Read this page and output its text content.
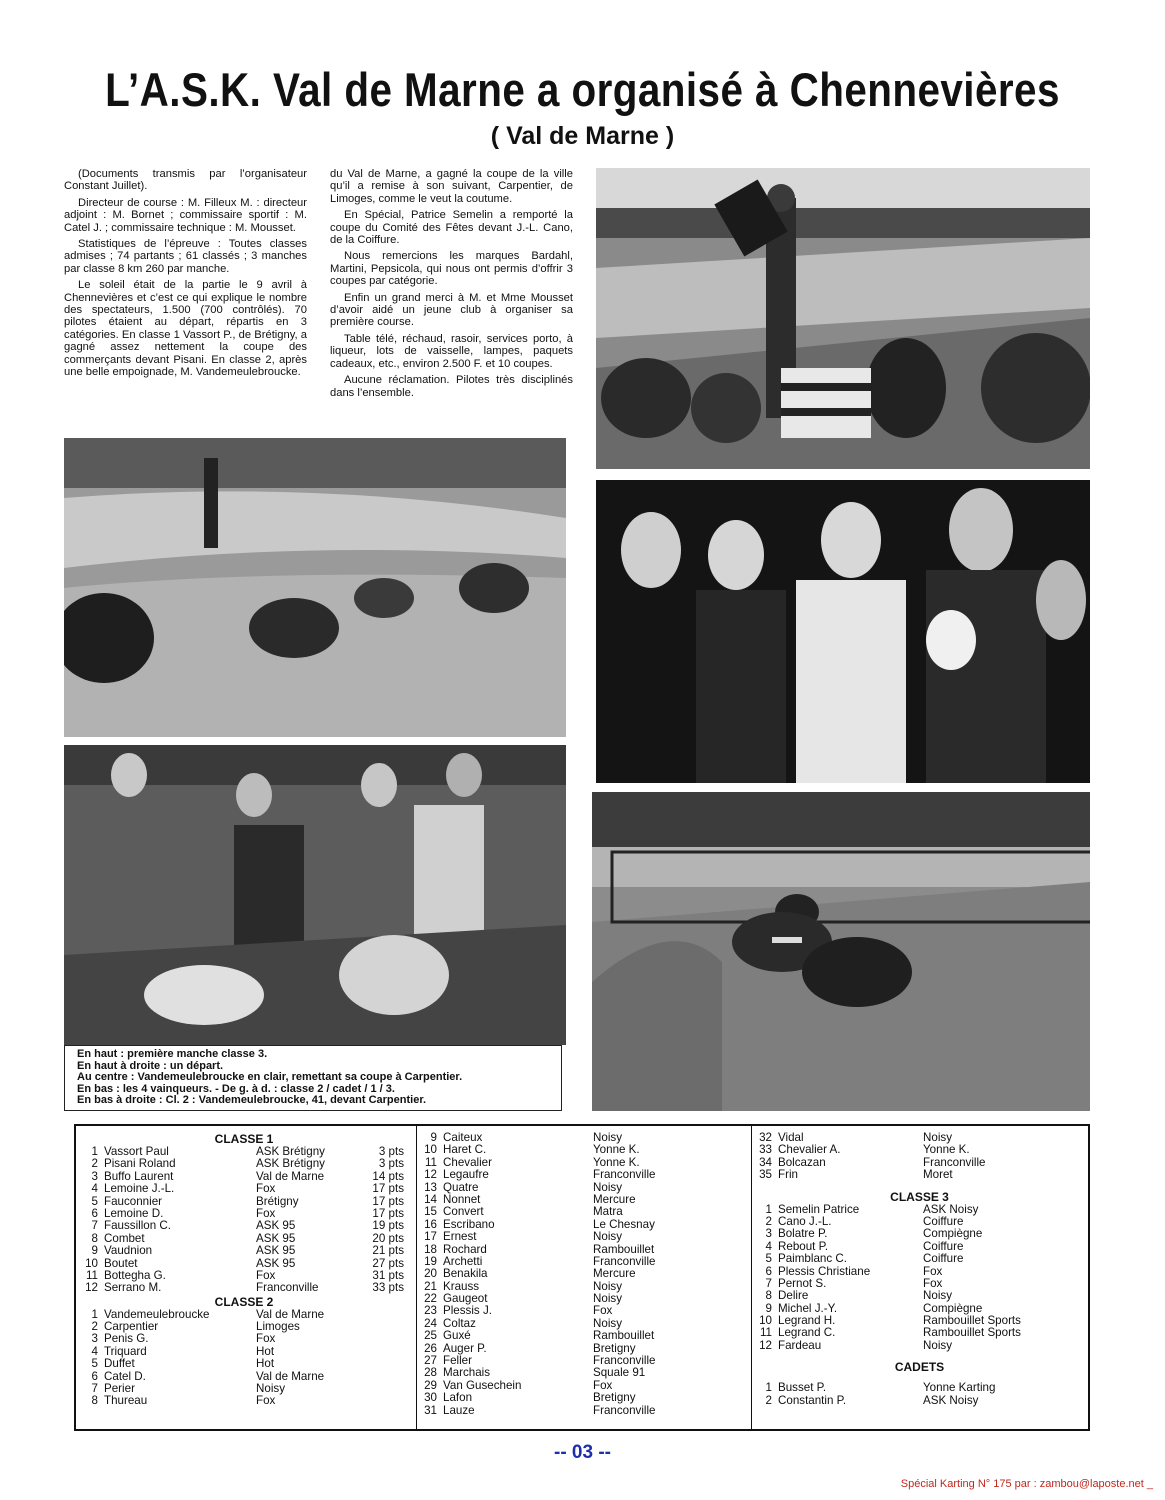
L’A.S.K. Val de Marne a organisé à Chennevières
( Val de Marne )

(Documents transmis par l’organisateur Constant Juillet).

Directeur de course : M. Filleux M. : directeur adjoint : M. Bornet ; commissaire sportif : M. Catel J. ; commissaire technique : M. Mousset.

Statistiques de l’épreuve : Toutes classes admises ; 74 partants ; 61 classés ; 3 manches par classe 8 km 260 par manche.

Le soleil était de la partie le 9 avril à Chennevières et c’est ce qui explique le nombre des spectateurs, 1.500 (700 contrôlés). 70 pilotes étaient au départ, répartis en 3 catégories. En classe 1 Vassort P., de Brétigny, a gagné assez nettement la coupe des commerçants devant Pisani. En classe 2, après une belle empoignade, M. Vandemeulebroucke.

du Val de Marne, a gagné la coupe de la ville qu’il a remise à son suivant, Carpentier, de Limoges, comme le veut la coutume.

En Spécial, Patrice Semelin a remporté la coupe du Comité des Fêtes devant J.-L. Cano, de la Coiffure.

Nous remercions les marques Bardahl, Martini, Pepsicola, qui nous ont permis d’offrir 3 coupes par catégorie.

Enfin un grand merci à M. et Mme Mousset d’avoir aidé un jeune club à organiser sa première course.

Table télé, réchaud, rasoir, services porto, à liqueur, lots de vaisselle, lampes, paquets cadeaux, etc., environ 2.500 F. et 10 coupes.

Aucune réclamation. Pilotes très disciplinés dans l’ensemble.

En haut : première manche classe 3.
En haut à droite : un départ.
Au centre : Vandemeulebroucke en clair, remettant sa coupe à Carpentier.
En bas : les 4 vainqueurs. - De g. à d. : classe 2 / cadet / 1 / 3.
En bas à droite : Cl. 2 : Vandemeulebroucke, 41, devant Carpentier.
CLASSE 1
1 Vassort Paul	ASK Brétigny	3 pts
2 Pisani Roland	ASK Brétigny	3 pts
3 Buffo Laurent	Val de Marne	14 pts
4 Lemoine J.-L.	Fox	17 pts
5 Fauconnier	Brétigny	17 pts
6 Lemoine D.	Fox	17 pts
7 Faussillon C.	ASK 95	19 pts
8 Combet	ASK 95	20 pts
9 Vaudnion	ASK 95	21 pts
10 Boutet	ASK 95	27 pts
11 Bottegha G.	Fox	31 pts
12 Serrano M.	Franconville	33 pts
CLASSE 2
1 Vandemeulebroucke	Val de Marne
2 Carpentier	Limoges
3 Penis G.	Fox
4 Triquard	Hot
5 Duffet	Hot
6 Catel D.	Val de Marne
7 Perier	Noisy
8 Thureau	Fox
9 Caiteux	Noisy
10 Haret C.	Yonne K.
11 Chevalier	Yonne K.
12 Legaufre	Franconville
13 Quatre	Noisy
14 Nonnet	Mercure
15 Convert	Matra
16 Escribano	Le Chesnay
17 Ernest	Noisy
18 Rochard	Rambouillet
19 Archetti	Franconville
20 Benakila	Mercure
21 Krauss	Noisy
22 Gaugeot	Noisy
23 Plessis J.	Fox
24 Coltaz	Noisy
25 Guxé	Rambouillet
26 Auger P.	Bretigny
27 Feller	Franconville
28 Marchais	Squale 91
29 Van Gusechein	Fox
30 Lafon	Bretigny
31 Lauze	Franconville
32 Vidal	Noisy
33 Chevalier A.	Yonne K.
34 Bolcazan	Franconville
35 Frin	Moret
CLASSE 3
1 Semelin Patrice	ASK Noisy
2 Cano J.-L.	Coiffure
3 Bolatre P.	Compiègne
4 Rebout P.	Coiffure
5 Paimblanc C.	Coiffure
6 Plessis Christiane	Fox
7 Pernot S.	Fox
8 Delire	Noisy
9 Michel J.-Y.	Compiègne
10 Legrand H.	Rambouillet Sports
11 Legrand C.	Rambouillet Sports
12 Fardeau	Noisy
CADETS
1 Busset P.	Yonne Karting
2 Constantin P.	ASK Noisy
-- 03 --
Spécial Karting N° 175 par : zambou@laposte.net _
